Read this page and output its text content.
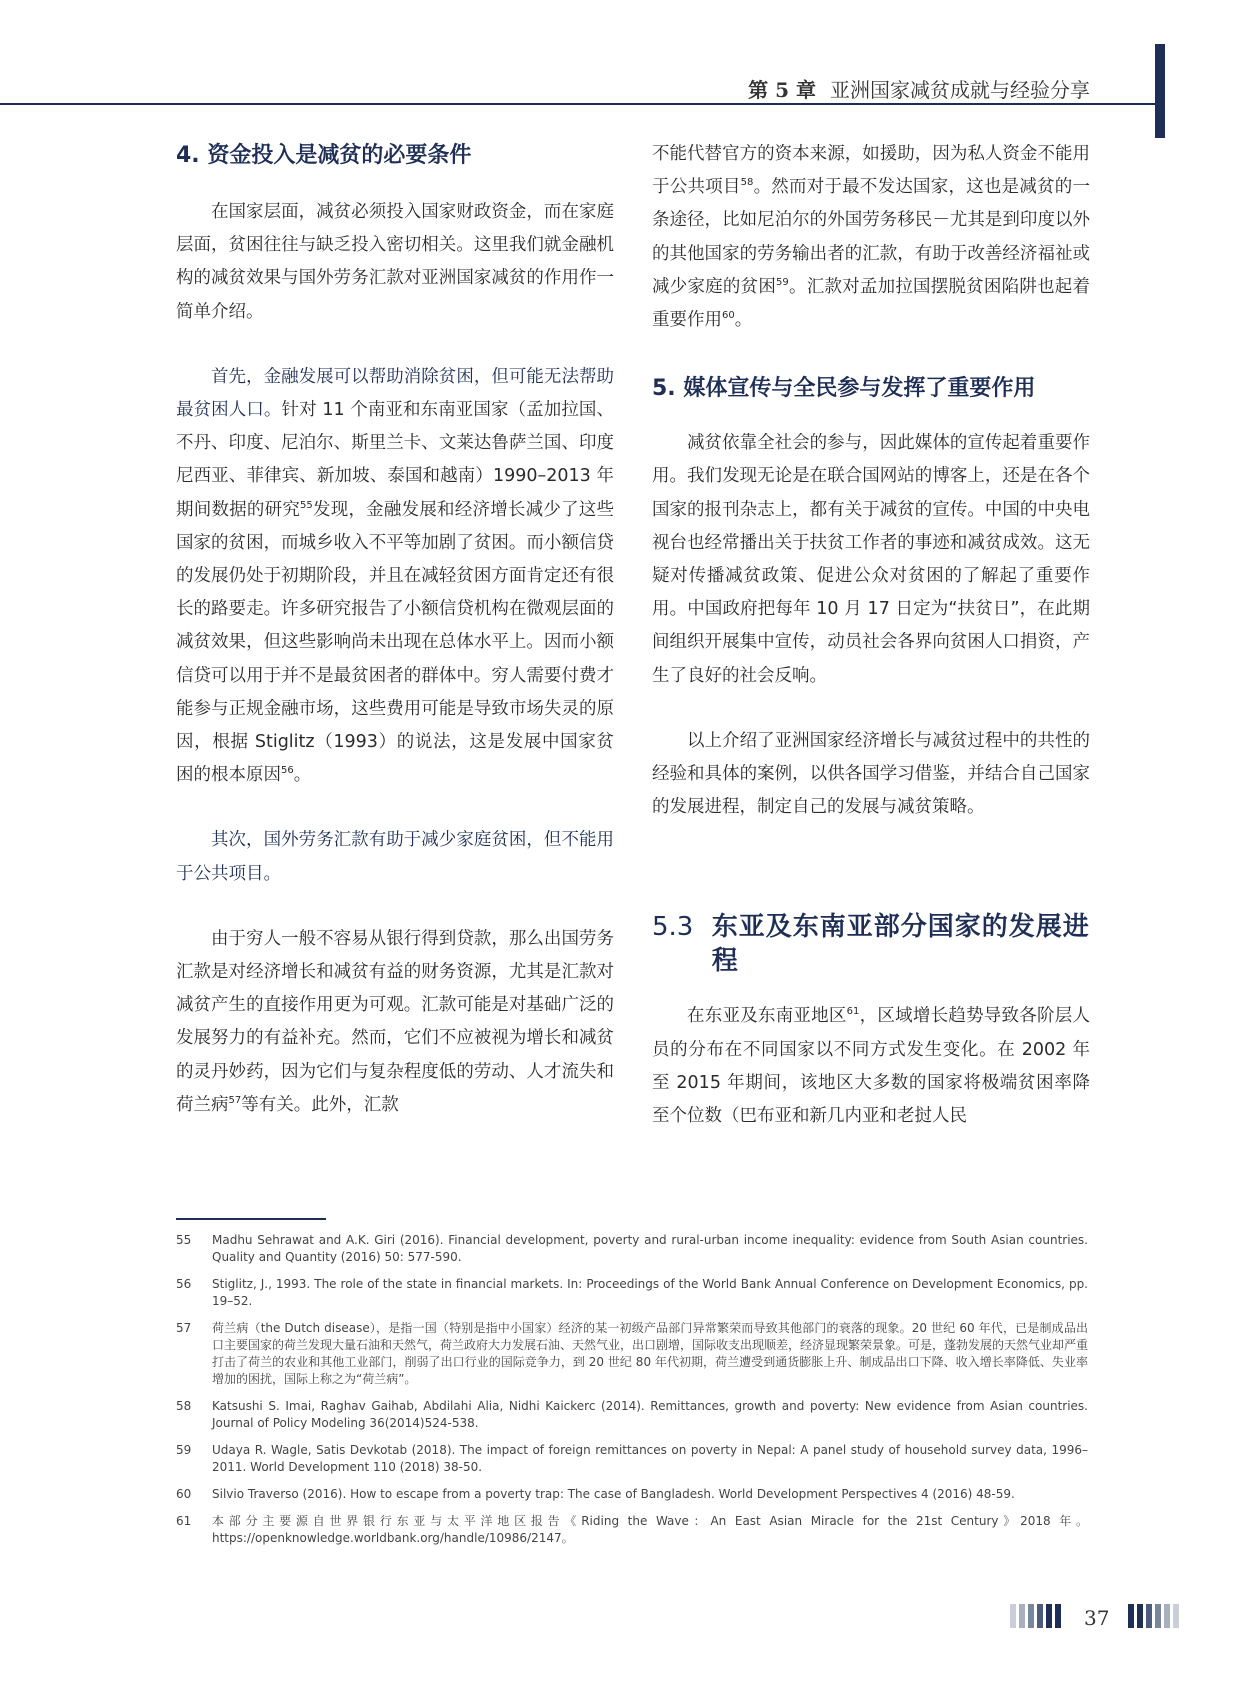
第 5 章 亚洲国家减贫成就与经验分享
4. 资金投入是减贫的必要条件

在国家层面，减贫必须投入国家财政资金，而在家庭层面，贫困往往与缺乏投入密切相关。这里我们就金融机构的减贫效果与国外劳务汇款对亚洲国家减贫的作用作一简单介绍。

首先，金融发展可以帮助消除贫困，但可能无法帮助最贫困人口。针对 11 个南亚和东南亚国家（孟加拉国、不丹、印度、尼泊尔、斯里兰卡、文莱达鲁萨兰国、印度尼西亚、菲律宾、新加坡、泰国和越南）1990–2013 年期间数据的研究$^{55}$发现，金融发展和经济增长减少了这些国家的贫困，而城乡收入不平等加剧了贫困。而小额信贷的发展仍处于初期阶段，并且在减轻贫困方面肯定还有很长的路要走。许多研究报告了小额信贷机构在微观层面的减贫效果，但这些影响尚未出现在总体水平上。因而小额信贷可以用于并不是最贫困者的群体中。穷人需要付费才能参与正规金融市场，这些费用可能是导致市场失灵的原因，根据 Stiglitz（1993）的说法，这是发展中国家贫困的根本原因$^{56}$。

其次，国外劳务汇款有助于减少家庭贫困，但不能用于公共项目。

由于穷人一般不容易从银行得到贷款，那么出国劳务汇款是对经济增长和减贫有益的财务资源，尤其是汇款对减贫产生的直接作用更为可观。汇款可能是对基础广泛的发展努力的有益补充。然而，它们不应被视为增长和减贫的灵丹妙药，因为它们与复杂程度低的劳动、人才流失和荷兰病$^{57}$等有关。此外，汇款

不能代替官方的资本来源，如援助，因为私人资金不能用于公共项目$^{58}$。然而对于最不发达国家，这也是减贫的一条途径，比如尼泊尔的外国劳务移民－尤其是到印度以外的其他国家的劳务输出者的汇款，有助于改善经济福祉或减少家庭的贫困$^{59}$。汇款对孟加拉国摆脱贫困陷阱也起着重要作用$^{60}$。

5. 媒体宣传与全民参与发挥了重要作用

减贫依靠全社会的参与，因此媒体的宣传起着重要作用。我们发现无论是在联合国网站的博客上，还是在各个国家的报刊杂志上，都有关于减贫的宣传。中国的中央电视台也经常播出关于扶贫工作者的事迹和减贫成效。这无疑对传播减贫政策、促进公众对贫困的了解起了重要作用。中国政府把每年 10 月 17 日定为“扶贫日”，在此期间组织开展集中宣传，动员社会各界向贫困人口捐资，产生了良好的社会反响。

以上介绍了亚洲国家经济增长与减贫过程中的共性的经验和具体的案例，以供各国学习借鉴，并结合自己国家的发展进程，制定自己的发展与减贫策略。

5.3 东亚及东南亚部分国家的发展进程

在东亚及东南亚地区$^{61}$，区域增长趋势导致各阶层人员的分布在不同国家以不同方式发生变化。在 2002 年至 2015 年期间，该地区大多数的国家将极端贫困率降至个位数（巴布亚和新几内亚和老挝人民

55	Madhu Sehrawat and A.K. Giri (2016). Financial development, poverty and rural-urban income inequality: evidence from South Asian countries. Quality and Quantity (2016) 50: 577-590.
56	Stiglitz, J., 1993. The role of the state in financial markets. In: Proceedings of the World Bank Annual Conference on Development Economics, pp. 19–52.
57	荷兰病（the Dutch disease），是指一国（特别是指中小国家）经济的某一初级产品部门异常繁荣而导致其他部门的衰落的现象。20 世纪 60 年代，已是制成品出口主要国家的荷兰发现大量石油和天然气，荷兰政府大力发展石油、天然气业，出口剧增，国际收支出现顺差，经济显现繁荣景象。可是，蓬勃发展的天然气业却严重打击了荷兰的农业和其他工业部门，削弱了出口行业的国际竞争力，到 20 世纪 80 年代初期，荷兰遭受到通货膨胀上升、制成品出口下降、收入增长率降低、失业率增加的困扰，国际上称之为“荷兰病”。
58	Katsushi S. Imai, Raghav Gaihab, Abdilahi Alia, Nidhi Kaickerc (2014). Remittances, growth and poverty: New evidence from Asian countries. Journal of Policy Modeling 36(2014)524-538.
59	Udaya R. Wagle, Satis Devkotab (2018). The impact of foreign remittances on poverty in Nepal: A panel study of household survey data, 1996–2011. World Development 110 (2018) 38-50.
60	Silvio Traverso (2016). How to escape from a poverty trap: The case of Bangladesh. World Development Perspectives 4 (2016) 48-59.
61	本部分主要源自世界银行东亚与太平洋地区报告《Riding the Wave：An East Asian Miracle for the 21st Century》2018 年。https://openknowledge.worldbank.org/handle/10986/2147。
37
